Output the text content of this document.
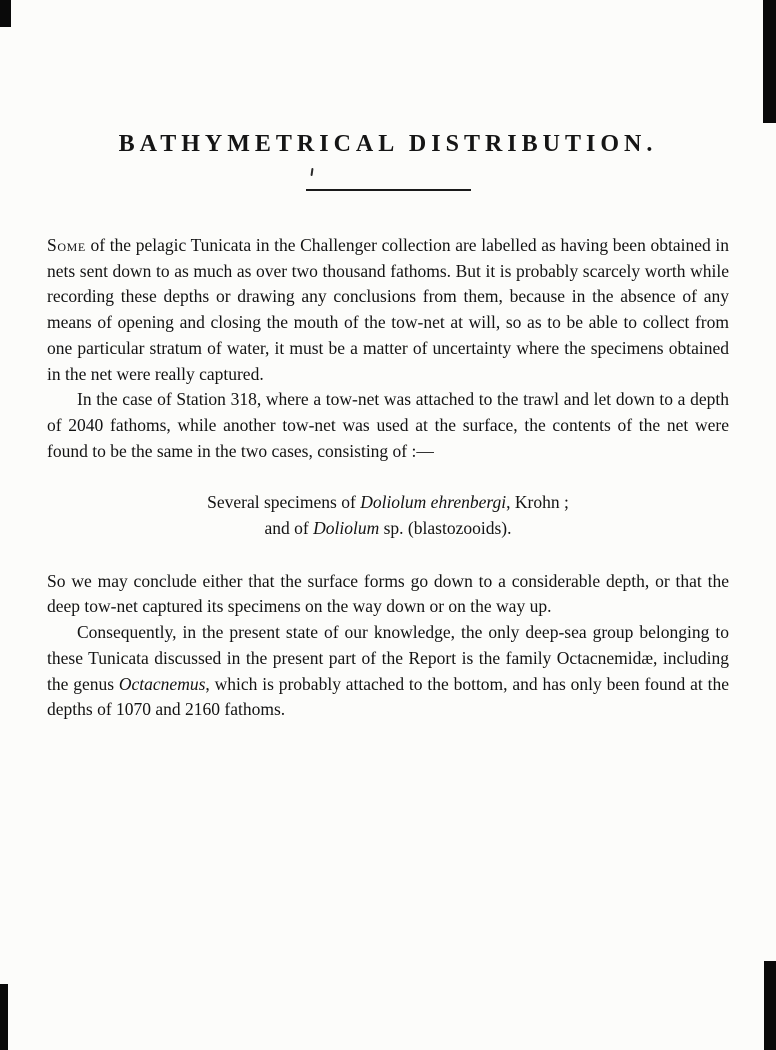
BATHYMETRICAL DISTRIBUTION.

Some of the pelagic Tunicata in the Challenger collection are labelled as having been obtained in nets sent down to as much as over two thousand fathoms. But it is probably scarcely worth while recording these depths or drawing any conclusions from them, because in the absence of any means of opening and closing the mouth of the tow-net at will, so as to be able to collect from one particular stratum of water, it must be a matter of uncertainty where the specimens obtained in the net were really captured.

In the case of Station 318, where a tow-net was attached to the trawl and let down to a depth of 2040 fathoms, while another tow-net was used at the surface, the contents of the net were found to be the same in the two cases, consisting of :—

Several specimens of Doliolum ehrenbergi, Krohn ;
and of Doliolum sp. (blastozooids).

So we may conclude either that the surface forms go down to a considerable depth, or that the deep tow-net captured its specimens on the way down or on the way up.

Consequently, in the present state of our knowledge, the only deep-sea group belonging to these Tunicata discussed in the present part of the Report is the family Octacnemidæ, including the genus Octacnemus, which is probably attached to the bottom, and has only been found at the depths of 1070 and 2160 fathoms.
